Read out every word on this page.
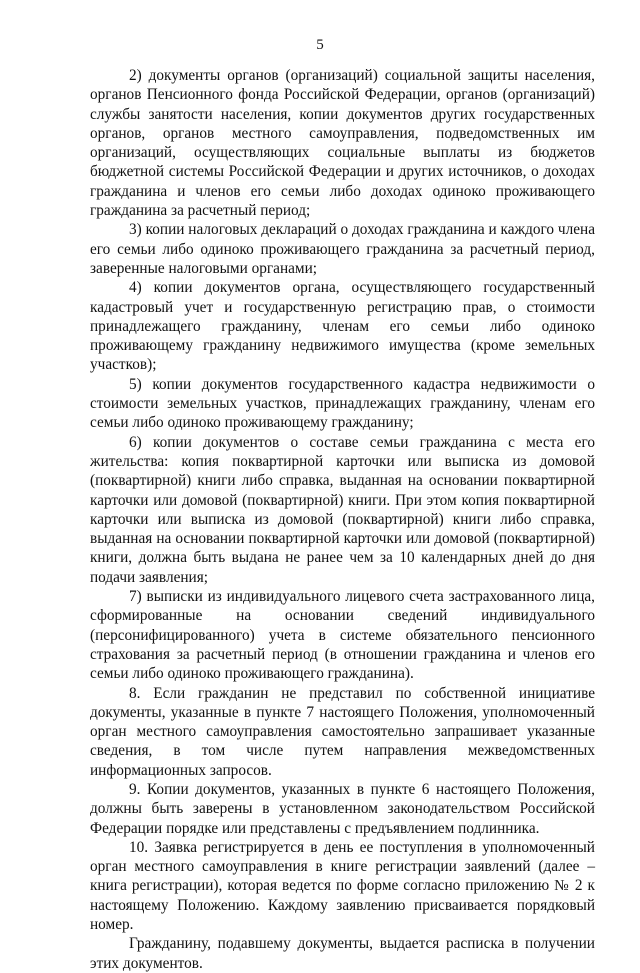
5

2) документы органов (организаций) социальной защиты населения, органов Пенсионного фонда Российской Федерации, органов (организаций) службы занятости населения, копии документов других государственных органов, органов местного самоуправления, подведомственных им организаций, осуществляющих социальные выплаты из бюджетов бюджетной системы Российской Федерации и других источников, о доходах гражданина и членов его семьи либо доходах одиноко проживающего гражданина за расчетный период;

3) копии налоговых деклараций о доходах гражданина и каждого члена его семьи либо одиноко проживающего гражданина за расчетный период, заверенные налоговыми органами;

4) копии документов органа, осуществляющего государственный кадастровый учет и государственную регистрацию прав, о стоимости принадлежащего гражданину, членам его семьи либо одиноко проживающему гражданину недвижимого имущества (кроме земельных участков);

5) копии документов государственного кадастра недвижимости о стоимости земельных участков, принадлежащих гражданину, членам его семьи либо одиноко проживающему гражданину;

6) копии документов о составе семьи гражданина с места его жительства: копия поквартирной карточки или выписка из домовой (поквартирной) книги либо справка, выданная на основании поквартирной карточки или домовой (поквартирной) книги. При этом копия поквартирной карточки или выписка из домовой (поквартирной) книги либо справка, выданная на основании поквартирной карточки или домовой (поквартирной) книги, должна быть выдана не ранее чем за 10 календарных дней до дня подачи заявления;

7) выписки из индивидуального лицевого счета застрахованного лица, сформированные на основании сведений индивидуального (персонифицированного) учета в системе обязательного пенсионного страхования за расчетный период (в отношении гражданина и членов его семьи либо одиноко проживающего гражданина).

8. Если гражданин не представил по собственной инициативе документы, указанные в пункте 7 настоящего Положения, уполномоченный орган местного самоуправления самостоятельно запрашивает указанные сведения, в том числе путем направления межведомственных информационных запросов.

9. Копии документов, указанных в пункте 6 настоящего Положения, должны быть заверены в установленном законодательством Российской Федерации порядке или представлены с предъявлением подлинника.

10. Заявка регистрируется в день ее поступления в уполномоченный орган местного самоуправления в книге регистрации заявлений (далее – книга регистрации), которая ведется по форме согласно приложению № 2 к настоящему Положению. Каждому заявлению присваивается порядковый номер.

Гражданину, подавшему документы, выдается расписка в получении этих документов.
